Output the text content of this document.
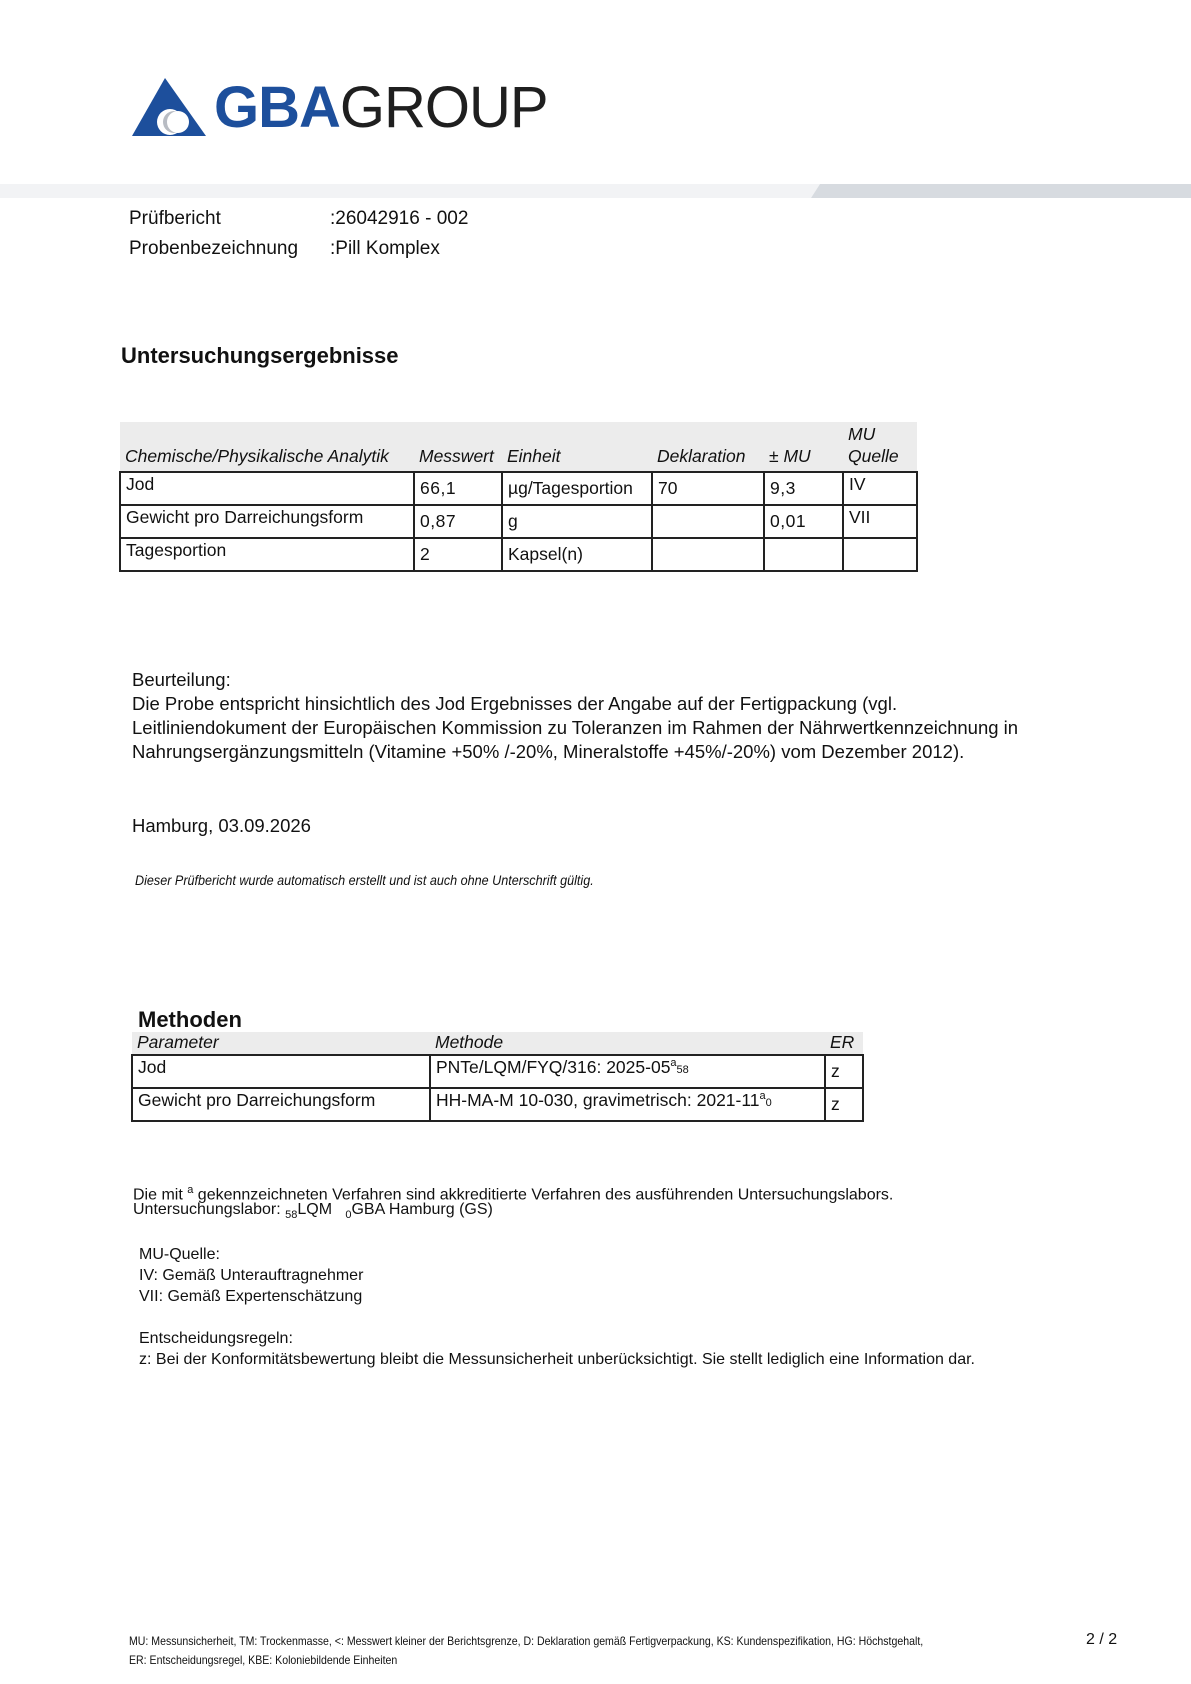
GBAGROUP
Prüfbericht	:26042916 - 002
Probenbezeichnung :Pill Komplex
Untersuchungsergebnisse
Chemische/Physikalische Analytik	Messwert	Einheit	Deklaration	± MU	MU Quelle
Jod	66,1	µg/Tagesportion	70	9,3	IV
Gewicht pro Darreichungsform	0,87	g		0,01	VII
Tagesportion	2	Kapsel(n)			
Beurteilung:
Die Probe entspricht hinsichtlich des Jod Ergebnisses der Angabe auf der Fertigpackung (vgl.
Leitliniendokument der Europäischen Kommission zu Toleranzen im Rahmen der Nährwertkennzeichnung in
Nahrungsergänzungsmitteln (Vitamine +50% /-20%, Mineralstoffe +45%/-20%) vom Dezember 2012).
Hamburg, 03.09.2026
Dieser Prüfbericht wurde automatisch erstellt und ist auch ohne Unterschrift gültig.
Methoden
Parameter	Methode	ER
Jod	PNTe/LQM/FYQ/316: 2025-05$^a$58	z
Gewicht pro Darreichungsform	HH-MA-M 10-030, gravimetrisch: 2021-11$^a$0	z
Die mit $^a$ gekennzeichneten Verfahren sind akkreditierte Verfahren des ausführenden Untersuchungslabors.
Untersuchungslabor: $_{58}$LQM $_0$GBA Hamburg (GS)
MU-Quelle:
IV: Gemäß Unterauftragnehmer
VII: Gemäß Expertenschätzung
Entscheidungsregeln:
z: Bei der Konformitätsbewertung bleibt die Messunsicherheit unberücksichtigt. Sie stellt lediglich eine Information dar.
MU: Messunsicherheit, TM: Trockenmasse, <: Messwert kleiner der Berichtsgrenze, D: Deklaration gemäß Fertigverpackung, KS: Kundenspezifikation, HG: Höchstgehalt,
ER: Entscheidungsregel, KBE: Koloniebildende Einheiten
2 / 2
